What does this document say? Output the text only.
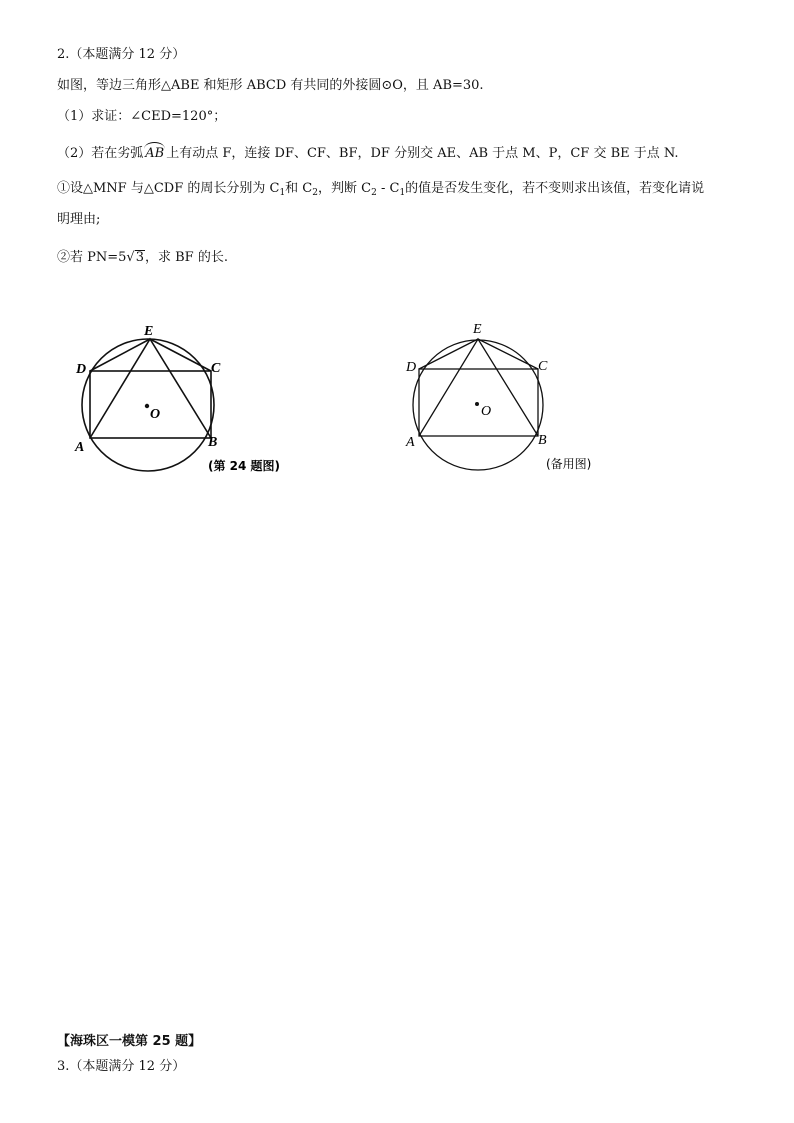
2.（本题满分 12 分）
如图，等边三角形△ABE 和矩形 ABCD 有共同的外接圆⊙O，且 AB=30.
（1）求证：∠CED=120°；
（2）若在劣弧 AB 上有动点 F，连接 DF、CF、BF，DF 分别交 AE、AB 于点 M、P，CF 交 BE 于点 N.
①设△MNF 与△CDF 的周长分别为 $C_1$和 $C_2$，判断 $C_2 - C_1$的值是否发生变化，若不变则求出该值，若变化请说
明理由;
②若 PN=5√3，求 BF 的长.
E
D	C
A	B
O
(第 24 题图)
E
D	C
A	B
O
(备用图)
【海珠区一模第 25 题】
3.（本题满分 12 分）
